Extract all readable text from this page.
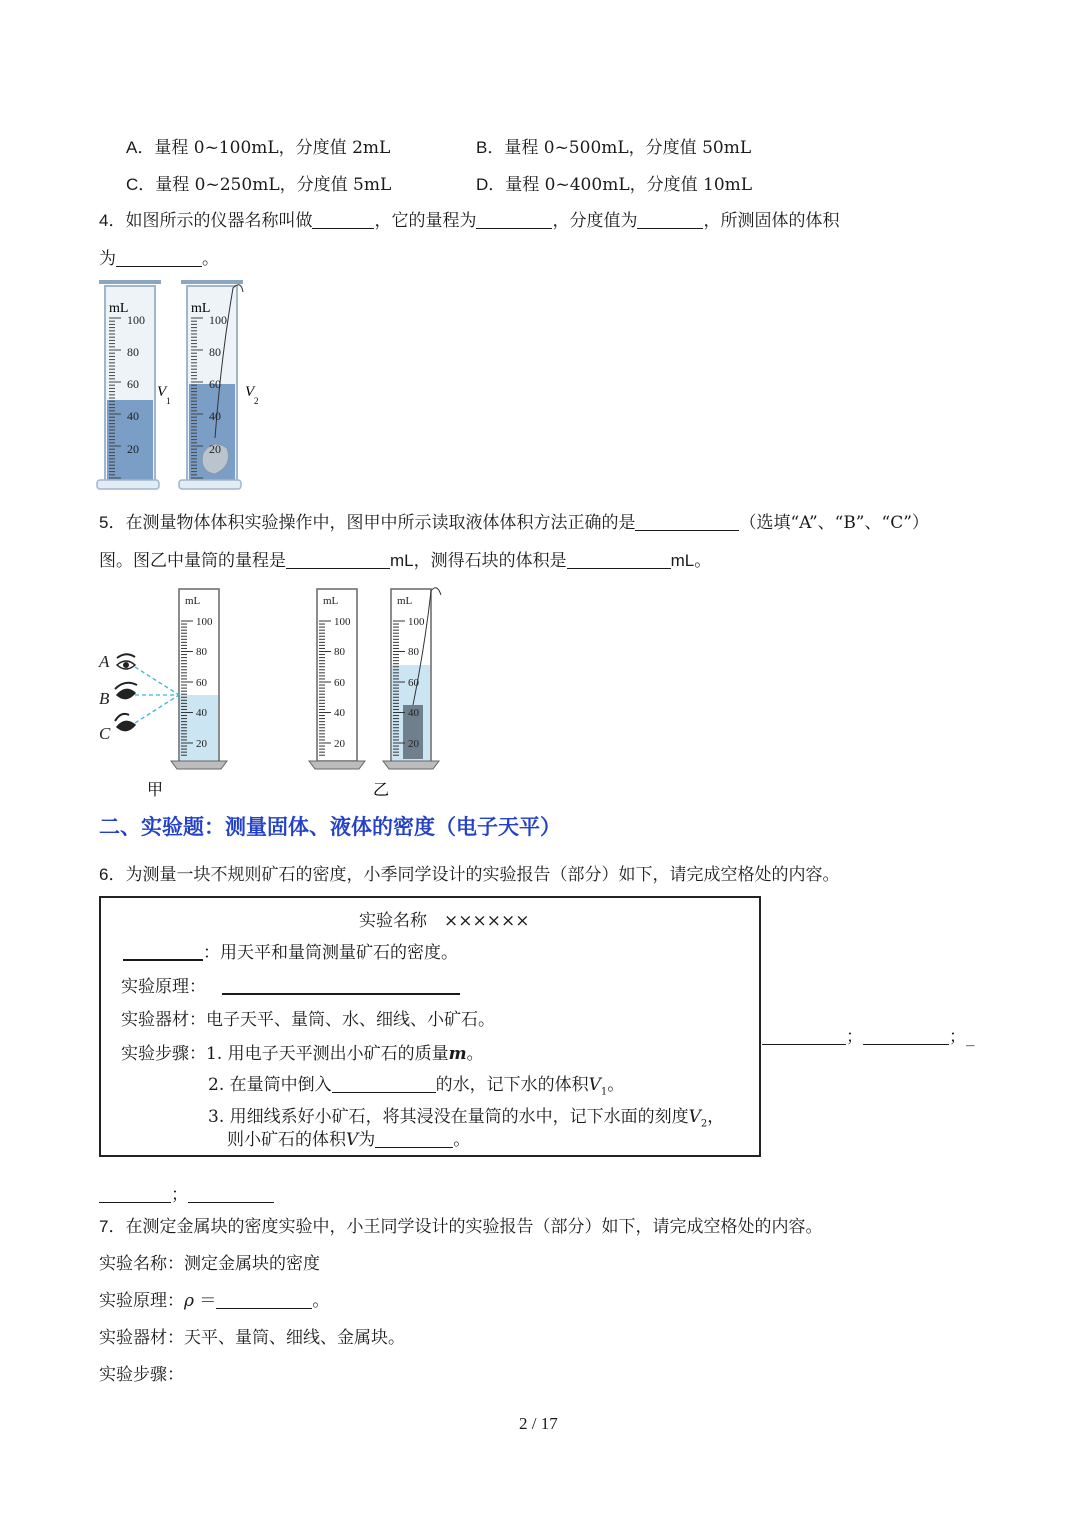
A．量程 0~100mL，分度值 2mL	B．量程 0~500mL，分度值 50mL
C．量程 0~250mL，分度值 5mL	D．量程 0~400mL，分度值 10mL
4．如图所示的仪器名称叫做	，它的量程为	，分度值为	，所测固体的体积
为	。
mL	mL
100
80
60
40
20
100
80
60
40
20
V
1
V
2
5．在测量物体体积实验操作中，图甲中所示读取液体体积方法正确的是	（选填“A”、“B”、“C”）
图。图乙中量筒的量程是	mL，测得石块的体积是	mL。
mL	mL	mL
100
80
60
40
20
100
80
60
40
20
100
80
60
40
20
A
B
C
甲	乙
二、实验题：测量固体、液体的密度（电子天平）
6．为测量一块不规则矿石的密度，小季同学设计的实验报告（部分）如下，请完成空格处的内容。
实验名称　××××××
：用天平和量筒测量矿石的密度。
实验原理：
实验器材：电子天平、量筒、水、细线、小矿石。
实验步骤：1. 用电子天平测出小矿石的质量m。
2. 在量筒中倒入	的水，记下水的体积$V_1$。
3. 用细线系好小矿石，将其浸没在量筒的水中，记下水面的刻度$V_2$，
则小矿石的体积V为	。
；	；_
；
7．在测定金属块的密度实验中，小王同学设计的实验报告（部分）如下，请完成空格处的内容。
实验名称：测定金属块的密度
实验原理：ρ ＝	。
实验器材：天平、量筒、细线、金属块。
实验步骤：
2 / 17
